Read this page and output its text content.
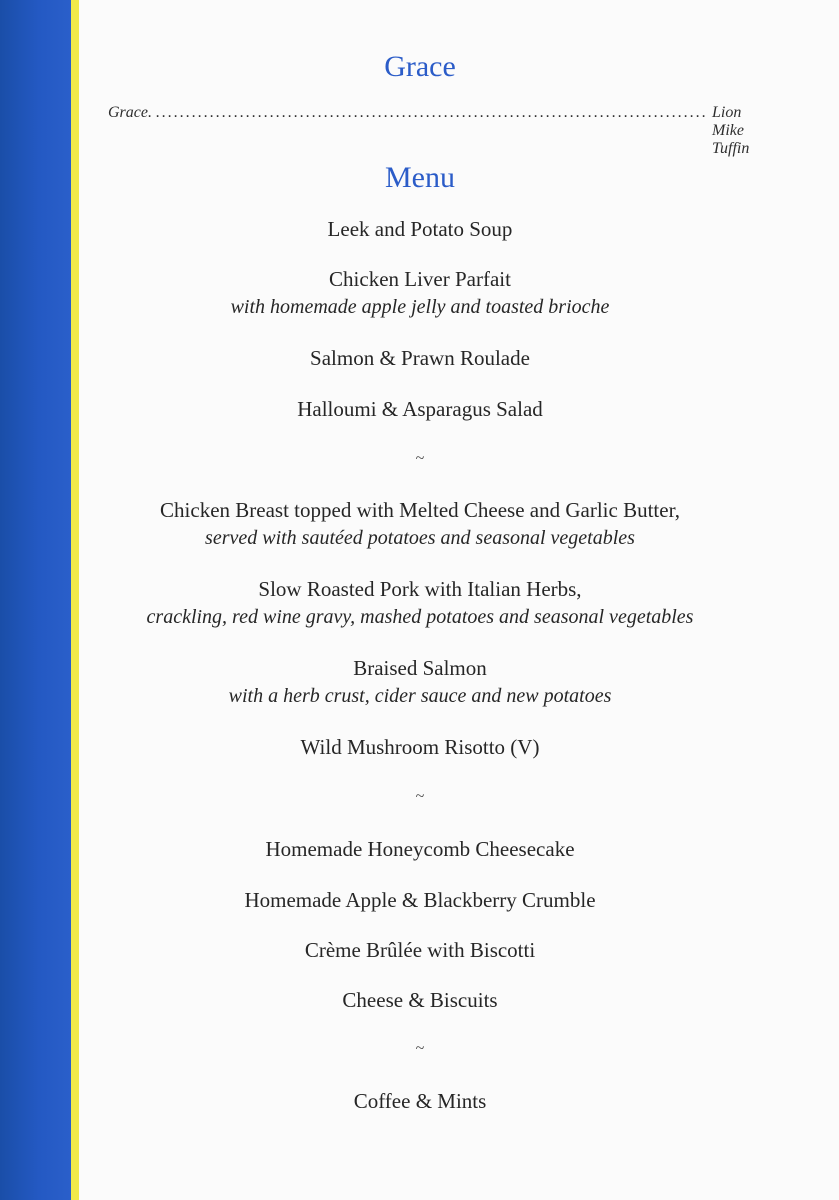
Grace
Grace. ............................................................................................ Lion Mike Tuffin
Menu
Leek and Potato Soup
Chicken Liver Parfait
with homemade apple jelly and toasted brioche
Salmon & Prawn Roulade
Halloumi & Asparagus Salad
~
Chicken Breast topped with Melted Cheese and Garlic Butter,
served with sautéed potatoes and seasonal vegetables
Slow Roasted Pork with Italian Herbs,
crackling, red wine gravy, mashed potatoes and seasonal vegetables
Braised Salmon
with a herb crust, cider sauce and new potatoes
Wild Mushroom Risotto (V)
~
Homemade Honeycomb Cheesecake
Homemade Apple & Blackberry Crumble
Crème Brûlée with Biscotti
Cheese & Biscuits
~
Coffee & Mints
